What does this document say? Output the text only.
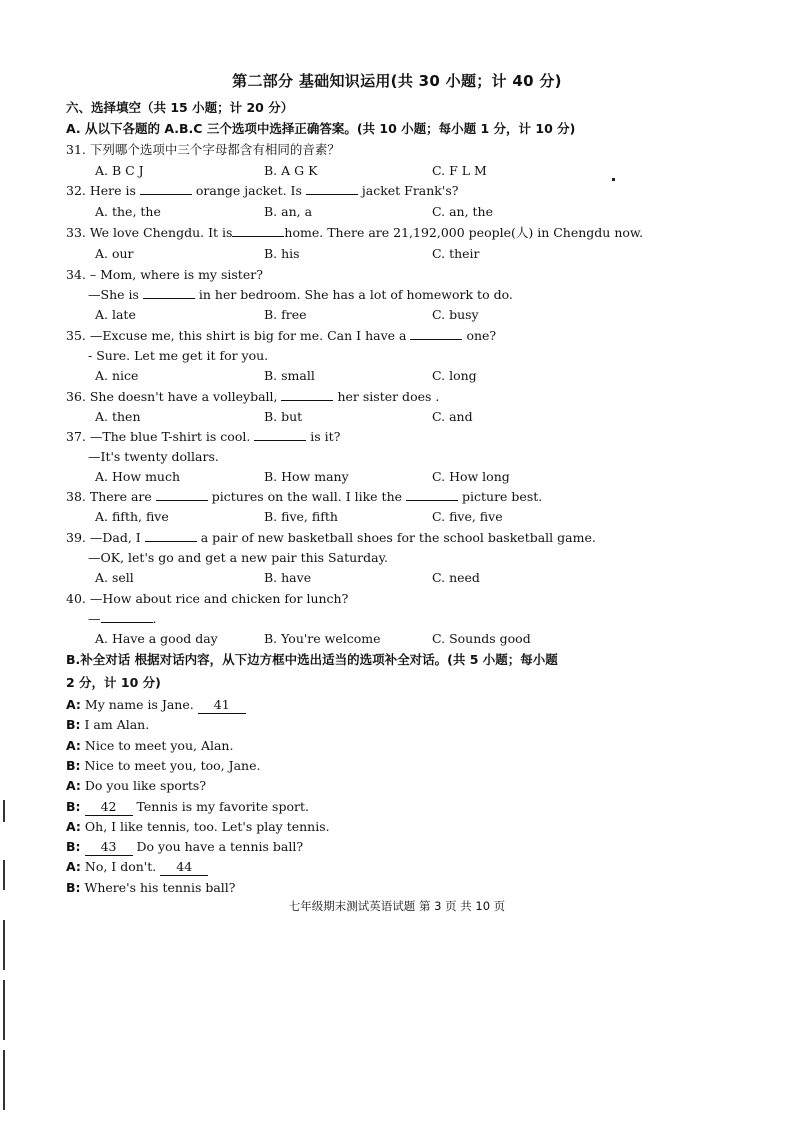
第二部分 基础知识运用(共 30 小题；计 40 分)
六、选择填空（共 15 小题；计 20 分）
A. 从以下各题的 A.B.C 三个选项中选择正确答案。(共 10 小题；每小题 1 分，计 10 分)
31. 下列哪个选项中三个字母都含有相同的音素？
A. B C J	B. A G K	C. F L M
32. Here is	orange jacket. Is	jacket Frank's?
A. the, the	B. an, a	C. an, the
33. We love Chengdu. It is	home. There are 21,192,000 people(人) in Chengdu now.
A. our	B. his	C. their
34. – Mom, where is my sister?
—She is	in her bedroom. She has a lot of homework to do.
A. late	B. free	C. busy
35. —Excuse me, this shirt is big for me. Can I have a	one?
- Sure. Let me get it for you.
A. nice	B. small	C. long
36. She doesn't have a volleyball,	her sister does .
A. then	B. but	C. and
37. —The blue T-shirt is cool.	is it?
—It's twenty dollars.
A. How much	B. How many	C. How long
38. There are	pictures on the wall. I like the	picture best.
A. fifth, five	B. five, fifth	C. five, five
39. —Dad, I	a pair of new basketball shoes for the school basketball game.
—OK, let's go and get a new pair this Saturday.
A. sell	B. have	C. need
40. —How about rice and chicken for lunch?
—	.
A. Have a good day	B. You're welcome	C. Sounds good
B.补全对话 根据对话内容，从下边方框中选出适当的选项补全对话。(共 5 小题；每小题
2 分，计 10 分)
A: My name is Jane. 41
B: I am Alan.
A: Nice to meet you, Alan.
B: Nice to meet you, too, Jane.
A: Do you like sports?
B: 42 Tennis is my favorite sport.
A: Oh, I like tennis, too. Let's play tennis.
B: 43 Do you have a tennis ball?
A: No, I don't. 44
B: Where's his tennis ball?
七年级期末测试英语试题 第 3 页 共 10 页
